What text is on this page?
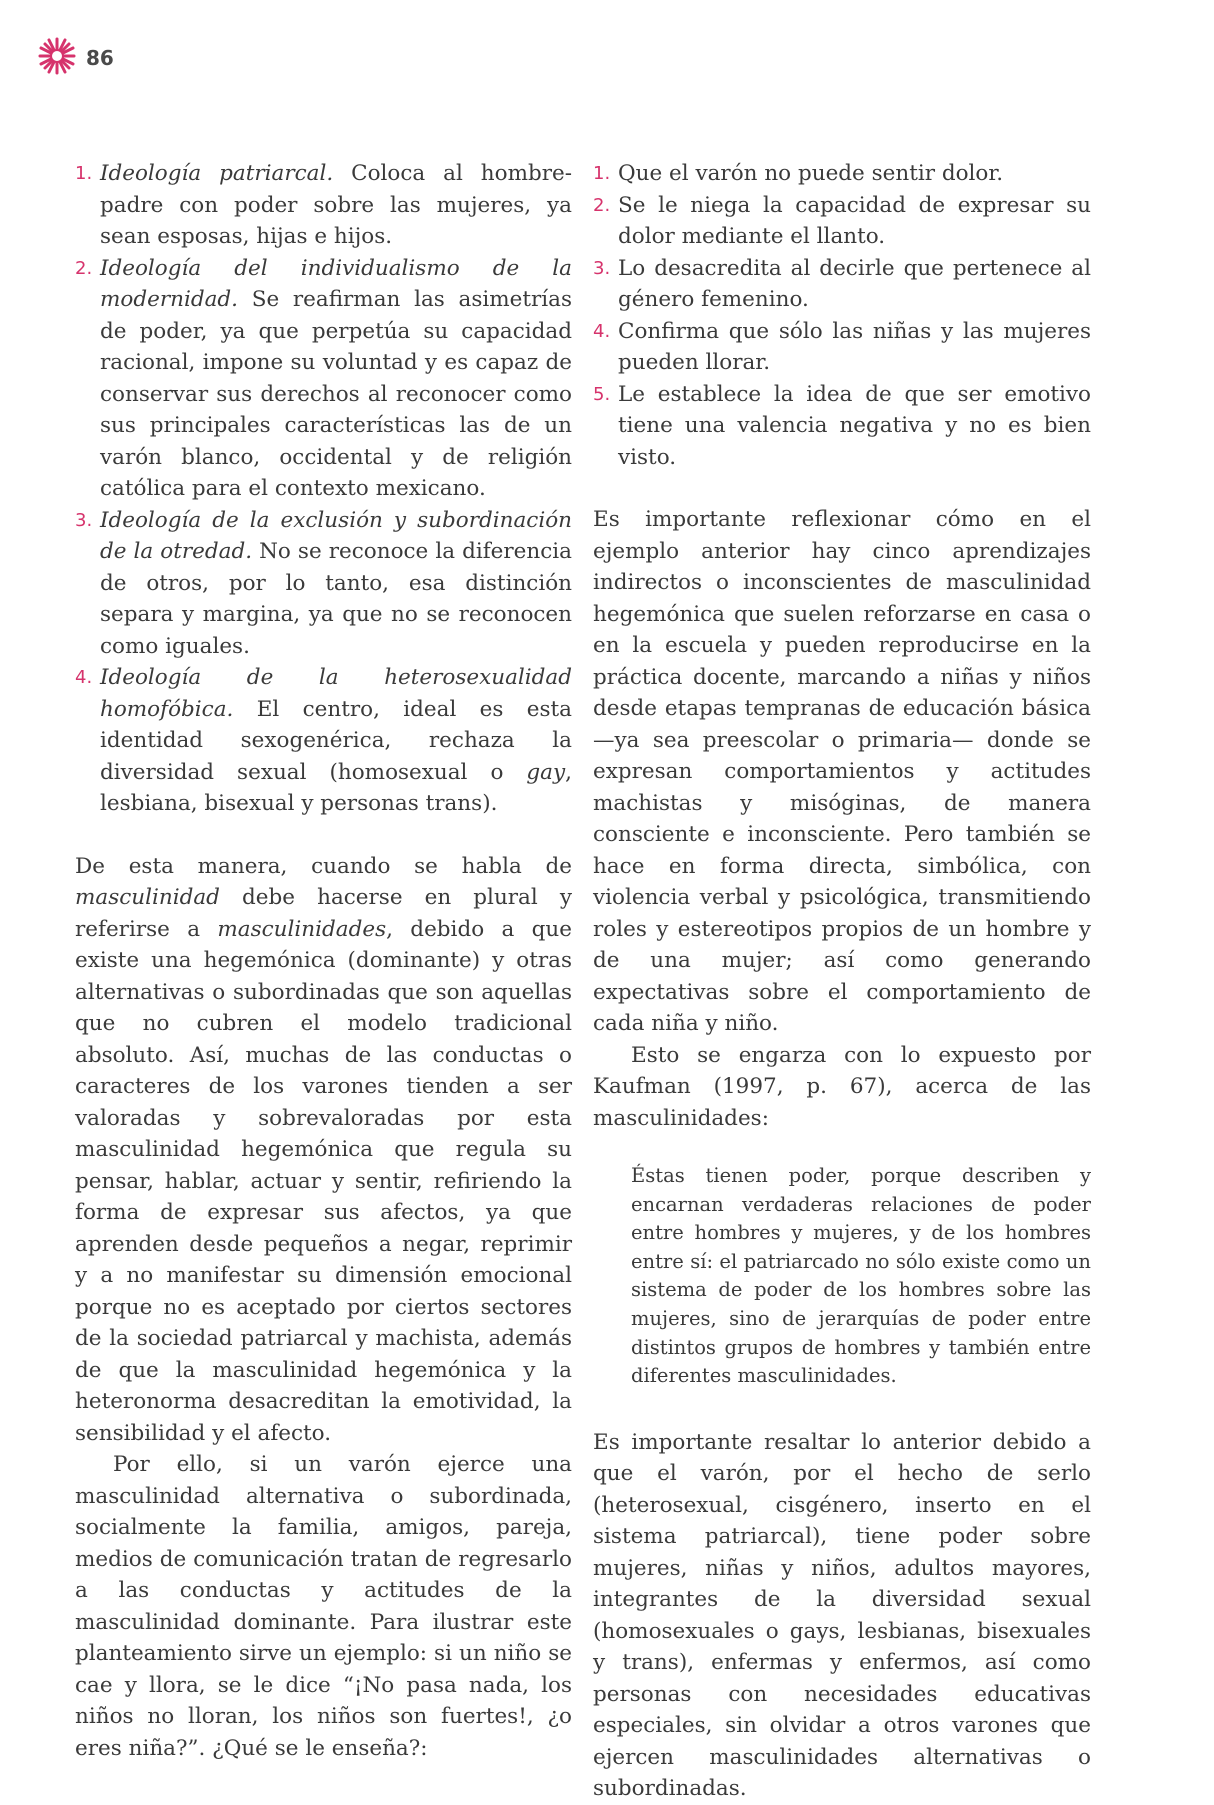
86
1. Ideología patriarcal. Coloca al hombre-padre con poder sobre las mujeres, ya sean esposas, hijas e hijos.
2. Ideología del individualismo de la modernidad. Se reafirman las asimetrías de poder, ya que perpetúa su capacidad racional, impone su voluntad y es capaz de conservar sus derechos al reconocer como sus principales características las de un varón blanco, occidental y de religión católica para el contexto mexicano.
3. Ideología de la exclusión y subordinación de la otredad. No se reconoce la diferencia de otros, por lo tanto, esa distinción separa y margina, ya que no se reconocen como iguales.
4. Ideología de la heterosexualidad homofóbica. El centro, ideal es esta identidad sexogenérica, rechaza la diversidad sexual (homosexual o gay, lesbiana, bisexual y personas trans).

De esta manera, cuando se habla de masculinidad debe hacerse en plural y referirse a masculinidades, debido a que existe una hegemónica (dominante) y otras alternativas o subordinadas que son aquellas que no cubren el modelo tradicional absoluto. Así, muchas de las conductas o caracteres de los varones tienden a ser valoradas y sobrevaloradas por esta masculinidad hegemónica que regula su pensar, hablar, actuar y sentir, refiriendo la forma de expresar sus afectos, ya que aprenden desde pequeños a negar, reprimir y a no manifestar su dimensión emocional porque no es aceptado por ciertos sectores de la sociedad patriarcal y machista, además de que la masculinidad hegemónica y la heteronorma desacreditan la emotividad, la sensibilidad y el afecto.

Por ello, si un varón ejerce una masculinidad alternativa o subordinada, socialmente la familia, amigos, pareja, medios de comunicación tratan de regresarlo a las conductas y actitudes de la masculinidad dominante. Para ilustrar este planteamiento sirve un ejemplo: si un niño se cae y llora, se le dice “¡No pasa nada, los niños no lloran, los niños son fuertes!, ¿o eres niña?”. ¿Qué se le enseña?:

1. Que el varón no puede sentir dolor.
2. Se le niega la capacidad de expresar su dolor mediante el llanto.
3. Lo desacredita al decirle que pertenece al género femenino.
4. Confirma que sólo las niñas y las mujeres pueden llorar.
5. Le establece la idea de que ser emotivo tiene una valencia negativa y no es bien visto.

Es importante reflexionar cómo en el ejemplo anterior hay cinco aprendizajes indirectos o inconscientes de masculinidad hegemónica que suelen reforzarse en casa o en la escuela y pueden reproducirse en la práctica docente, marcando a niñas y niños desde etapas tempranas de educación básica —ya sea preescolar o primaria— donde se expresan comportamientos y actitudes machistas y misóginas, de manera consciente e inconsciente. Pero también se hace en forma directa, simbólica, con violencia verbal y psicológica, transmitiendo roles y estereotipos propios de un hombre y de una mujer; así como generando expectativas sobre el comportamiento de cada niña y niño.

Esto se engarza con lo expuesto por Kaufman (1997, p. 67), acerca de las masculinidades:

Éstas tienen poder, porque describen y encarnan verdaderas relaciones de poder entre hombres y mujeres, y de los hombres entre sí: el patriarcado no sólo existe como un sistema de poder de los hombres sobre las mujeres, sino de jerarquías de poder entre distintos grupos de hombres y también entre diferentes masculinidades.

Es importante resaltar lo anterior debido a que el varón, por el hecho de serlo (heterosexual, cisgénero, inserto en el sistema patriarcal), tiene poder sobre mujeres, niñas y niños, adultos mayores, integrantes de la diversidad sexual (homosexuales o gays, lesbianas, bisexuales y trans), enfermas y enfermos, así como personas con necesidades educativas especiales, sin olvidar a otros varones que ejercen masculinidades alternativas o subordinadas.
